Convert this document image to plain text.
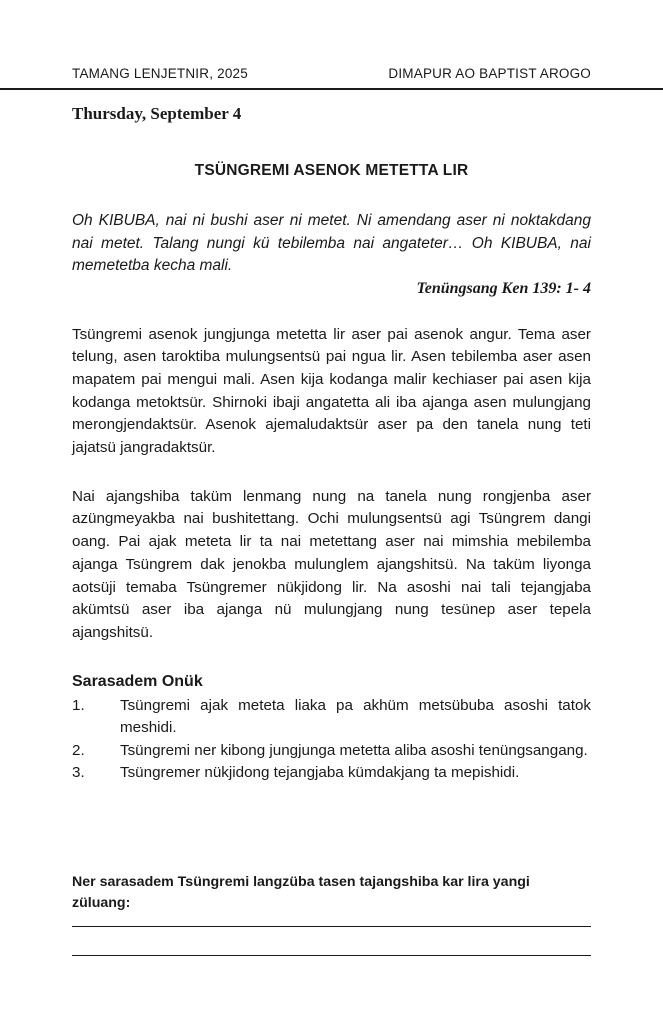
TAMANG LENJETNIR, 2025	DIMAPUR AO BAPTIST AROGO

Thursday, September 4

TSÜNGREMI ASENOK METETTA LIR

Oh KIBUBA, nai ni bushi aser ni metet. Ni amendang aser ni noktakdang nai metet. Talang nungi kü tebilemba nai angateter… Oh KIBUBA, nai memetetba kecha mali.

Tenüngsang Ken 139: 1- 4

Tsüngremi asenok jungjunga metetta lir aser pai asenok angur. Tema aser telung, asen taroktiba mulungsentsü pai ngua lir. Asen tebilemba aser asen mapatem pai mengui mali. Asen kija kodanga malir kechiaser pai asen kija kodanga metoktsür. Shirnoki ibaji angatetta ali iba ajanga asen mulungjang merongjendaktsür. Asenok ajemaludaktsür aser pa den tanela nung teti jajatsü jangradaktsür.

Nai ajangshiba taküm lenmang nung na tanela nung rongjenba aser azüngmeyakba nai bushitettang. Ochi mulungsentsü agi Tsüngrem dangi oang. Pai ajak meteta lir ta nai metettang aser nai mimshia mebilemba ajanga Tsüngrem dak jenokba mulunglem ajangshitsü. Na taküm liyonga aotsüji temaba Tsüngremer nükjidong lir. Na asoshi nai tali tejangjaba akümtsü aser iba ajanga nü mulungjang nung tesünep aser tepela ajangshitsü.

Sarasadem Onük

1.	Tsüngremi ajak meteta liaka pa akhüm metsübuba asoshi tatok meshidi.
2.	Tsüngremi ner kibong jungjunga metetta aliba asoshi tenüngsangang.
3.	Tsüngremer nükjidong tejangjaba kümdakjang ta mepishidi.

Ner sarasadem Tsüngremi langzüba tasen tajangshiba kar lira yangi züluang:
